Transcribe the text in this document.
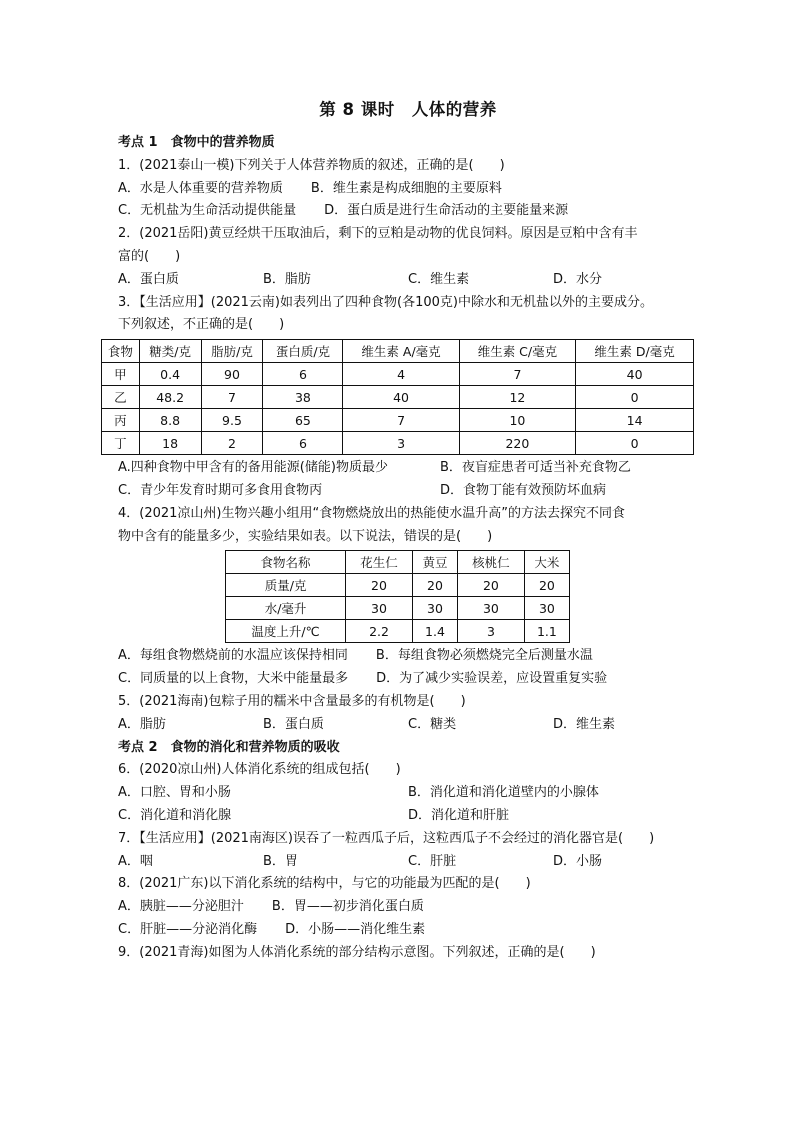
第 8 课时　人体的营养
考点 1　食物中的营养物质
1．(2021泰山一模)下列关于人体营养物质的叙述，正确的是(　　)
A．水是人体重要的营养物质 B．维生素是构成细胞的主要原料
C．无机盐为生命活动提供能量 D．蛋白质是进行生命活动的主要能量来源
2．(2021岳阳)黄豆经烘干压取油后，剩下的豆粕是动物的优良饲料。原因是豆粕中含有丰
富的(　　)
A．蛋白质	B．脂肪	C．维生素	D．水分
3．【生活应用】(2021云南)如表列出了四种食物(各100克)中除水和无机盐以外的主要成分。
下列叙述，不正确的是(　　)
食物	糖类/克	脂肪/克	蛋白质/克	维生素 A/毫克	维生素 C/毫克	维生素 D/毫克
甲	0.4	90	6	4	7	40
乙	48.2	7	38	40	12	0
丙	8.8	9.5	65	7	10	14
丁	18	2	6	3	220	0
A.四种食物中甲含有的备用能源(储能)物质最少	B．夜盲症患者可适当补充食物乙
C．青少年发育时期可多食用食物丙	D．食物丁能有效预防坏血病
4．(2021凉山州)生物兴趣小组用“食物燃烧放出的热能使水温升高”的方法去探究不同食
物中含有的能量多少，实验结果如表。以下说法，错误的是(　　)
食物名称	花生仁	黄豆	核桃仁	大米
质量/克	20	20	20	20
水/毫升	30	30	30	30
温度上升/℃	2.2	1.4	3	1.1
A．每组食物燃烧前的水温应该保持相同 B．每组食物必须燃烧完全后测量水温
C．同质量的以上食物，大米中能量最多 D．为了减少实验误差，应设置重复实验
5．(2021海南)包粽子用的糯米中含量最多的有机物是(　　)
A．脂肪	B．蛋白质	C．糖类	D．维生素
考点 2　食物的消化和营养物质的吸收
6．(2020凉山州)人体消化系统的组成包括(　　)
A．口腔、胃和小肠	B．消化道和消化道壁内的小腺体
C．消化道和消化腺	D．消化道和肝脏
7．【生活应用】(2021南海区)误吞了一粒西瓜子后，这粒西瓜子不会经过的消化器官是(　　)
A．咽	B．胃	C．肝脏	D．小肠
8．(2021广东)以下消化系统的结构中，与它的功能最为匹配的是(　　)
A．胰脏——分泌胆汁 B．胃——初步消化蛋白质
C．肝脏——分泌消化酶 D．小肠——消化维生素
9．(2021青海)如图为人体消化系统的部分结构示意图。下列叙述，正确的是(　　)
